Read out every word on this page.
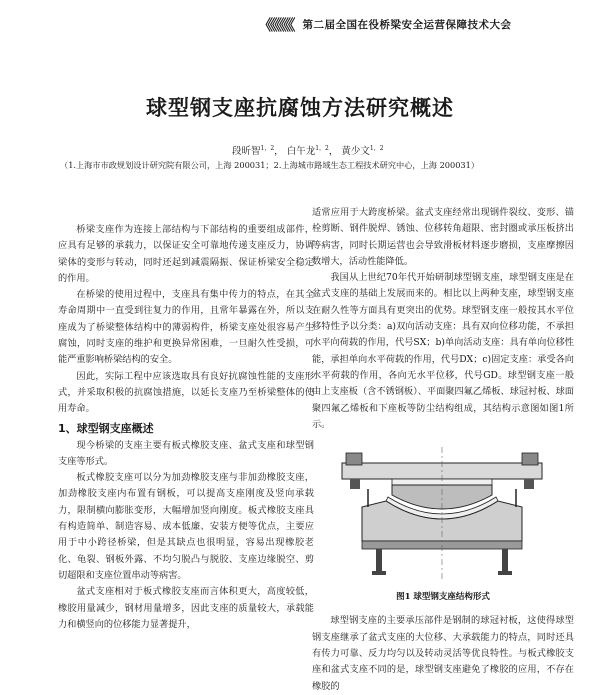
《《《《《《 第二届全国在役桥梁安全运营保障技术大会
球型钢支座抗腐蚀方法研究概述
段昕智$^{1,2}$， 白午龙$^{1,2}$， 黄少文$^{1,2}$
（1.上海市市政规划设计研究院有限公司，上海 200031；2.上海城市路域生态工程技术研究中心，上海 200031）

桥梁支座作为连接上部结构与下部结构的重要组成部件，应具有足够的承载力，以保证安全可靠地传递支座反力，协调梁体的变形与转动，同时还起到减震隔振、保证桥梁安全稳定的作用。

在桥梁的使用过程中，支座具有集中传力的特点，在其全寿命周期中一直受到往复力的作用，且常年暴露在外，所以支座成为了桥梁整体结构中的薄弱构件，桥梁支座处很容易产生腐蚀，同时支座的维护和更换异常困难，一旦耐久性受损，可能严重影响桥梁结构的安全。

因此，实际工程中应该选取具有良好抗腐蚀性能的支座形式，并采取积极的抗腐蚀措施，以延长支座乃至桥梁整体的使用寿命。

1、球型钢支座概述

现今桥梁的支座主要有板式橡胶支座、盆式支座和球型钢支座等形式。

板式橡胶支座可以分为加劲橡胶支座与非加劲橡胶支座，加劲橡胶支座内布置有钢板，可以提高支座刚度及竖向承载力，限制横向膨胀变形，大幅增加竖向刚度。板式橡胶支座具有构造简单、制造容易、成本低廉、安装方便等优点，主要应用于中小跨径桥梁，但是其缺点也很明显，容易出现橡胶老化、龟裂、钢板外露、不均匀脱凸与脱胶、支座边缘脱空、剪切超限和支座位置串动等病害。

盆式支座相对于板式橡胶支座而言体积更大，高度较低，橡胶用量减少，钢材用量增多，因此支座的质量较大，承载能力和横竖向的位移能力显著提升，

适常应用于大跨度桥梁。盆式支座经常出现钢件裂纹、变形、锚栓剪断、钢件脱焊、锈蚀、位移转角超限、密封圈或承压板挤出等病害，同时长期运营也会导致滑板材料逐步磨损，支座摩擦因数增大，活动性能降低。

我国从上世纪70年代开始研制球型钢支座，球型钢支座是在盆式支座的基础上发展而来的。相比以上两种支座，球型钢支座在耐久性等方面具有更突出的优势。球型钢支座一般按其水平位移特性予以分类：a)双向活动支座：具有双向位移功能，不承担水平向荷载的作用，代号SX；b)单向活动支座：具有单向位移性能，承担单向水平荷载的作用，代号DX；c)固定支座：承受各向水平荷载的作用，各向无水平位移，代号GD。球型钢支座一般由上支座板（含不锈钢板）、平面聚四氟乙烯板、球冠衬板、球面聚四氟乙烯板和下座板等防尘结构组成，其结构示意图如图1所示。

图1 球型钢支座结构形式

球型钢支座的主要承压部件是钢制的球冠衬板，这使得球型钢支座继承了盆式支座的大位移、大承载能力的特点，同时还具有传力可靠、反力均匀以及转动灵活等优良特性。与板式橡胶支座和盆式支座不同的是，球型钢支座避免了橡胶的应用，不存在橡胶的
